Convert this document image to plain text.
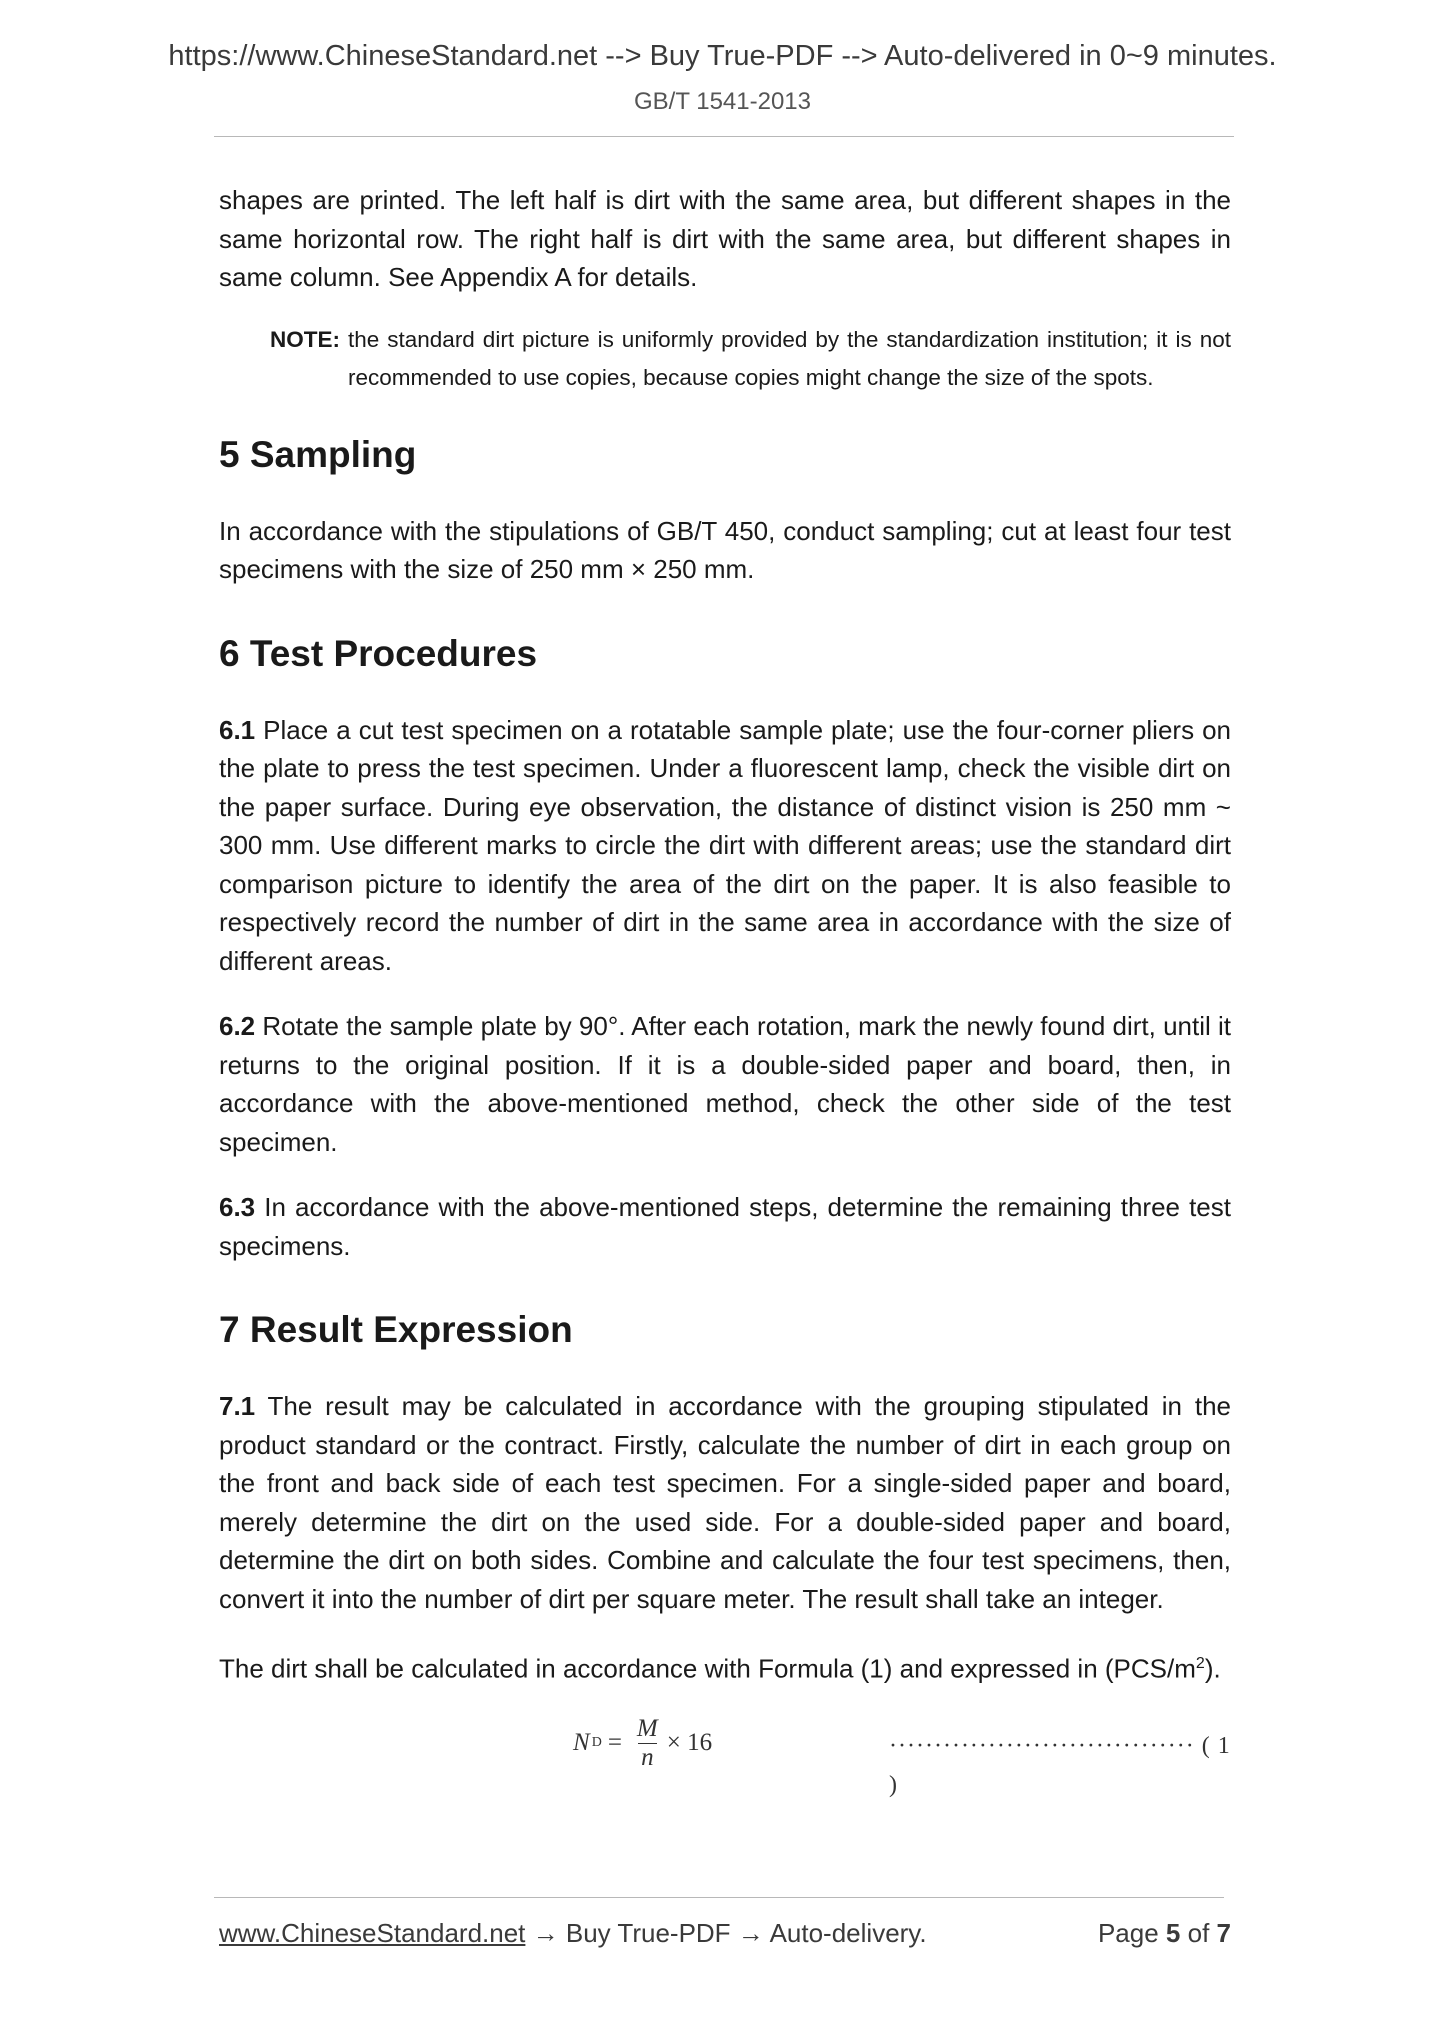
https://www.ChineseStandard.net --> Buy True-PDF --> Auto-delivered in 0~9 minutes.
GB/T 1541-2013

shapes are printed. The left half is dirt with the same area, but different shapes in the same horizontal row. The right half is dirt with the same area, but different shapes in same column. See Appendix A for details.

NOTE: the standard dirt picture is uniformly provided by the standardization institution; it is not recommended to use copies, because copies might change the size of the spots.
5 Sampling

In accordance with the stipulations of GB/T 450, conduct sampling; cut at least four test specimens with the size of 250 mm × 250 mm.

6 Test Procedures

6.1 Place a cut test specimen on a rotatable sample plate; use the four-corner pliers on the plate to press the test specimen. Under a fluorescent lamp, check the visible dirt on the paper surface. During eye observation, the distance of distinct vision is 250 mm ~ 300 mm. Use different marks to circle the dirt with different areas; use the standard dirt comparison picture to identify the area of the dirt on the paper. It is also feasible to respectively record the number of dirt in the same area in accordance with the size of different areas.

6.2 Rotate the sample plate by 90°. After each rotation, mark the newly found dirt, until it returns to the original position. If it is a double-sided paper and board, then, in accordance with the above-mentioned method, check the other side of the test specimen.

6.3 In accordance with the above-mentioned steps, determine the remaining three test specimens.

7 Result Expression

7.1 The result may be calculated in accordance with the grouping stipulated in the product standard or the contract. Firstly, calculate the number of dirt in each group on the front and back side of each test specimen. For a single-sided paper and board, merely determine the dirt on the used side. For a double-sided paper and board, determine the dirt on both sides. Combine and calculate the four test specimens, then, convert it into the number of dirt per square meter. The result shall take an integer.

The dirt shall be calculated in accordance with Formula (1) and expressed in $(PCS/m^2)$.

N $D = \frac{M}{n} \times 16$	·································· ( 1 )
www.ChineseStandard.net → Buy True-PDF → Auto-delivery.	Page 5 of 7
